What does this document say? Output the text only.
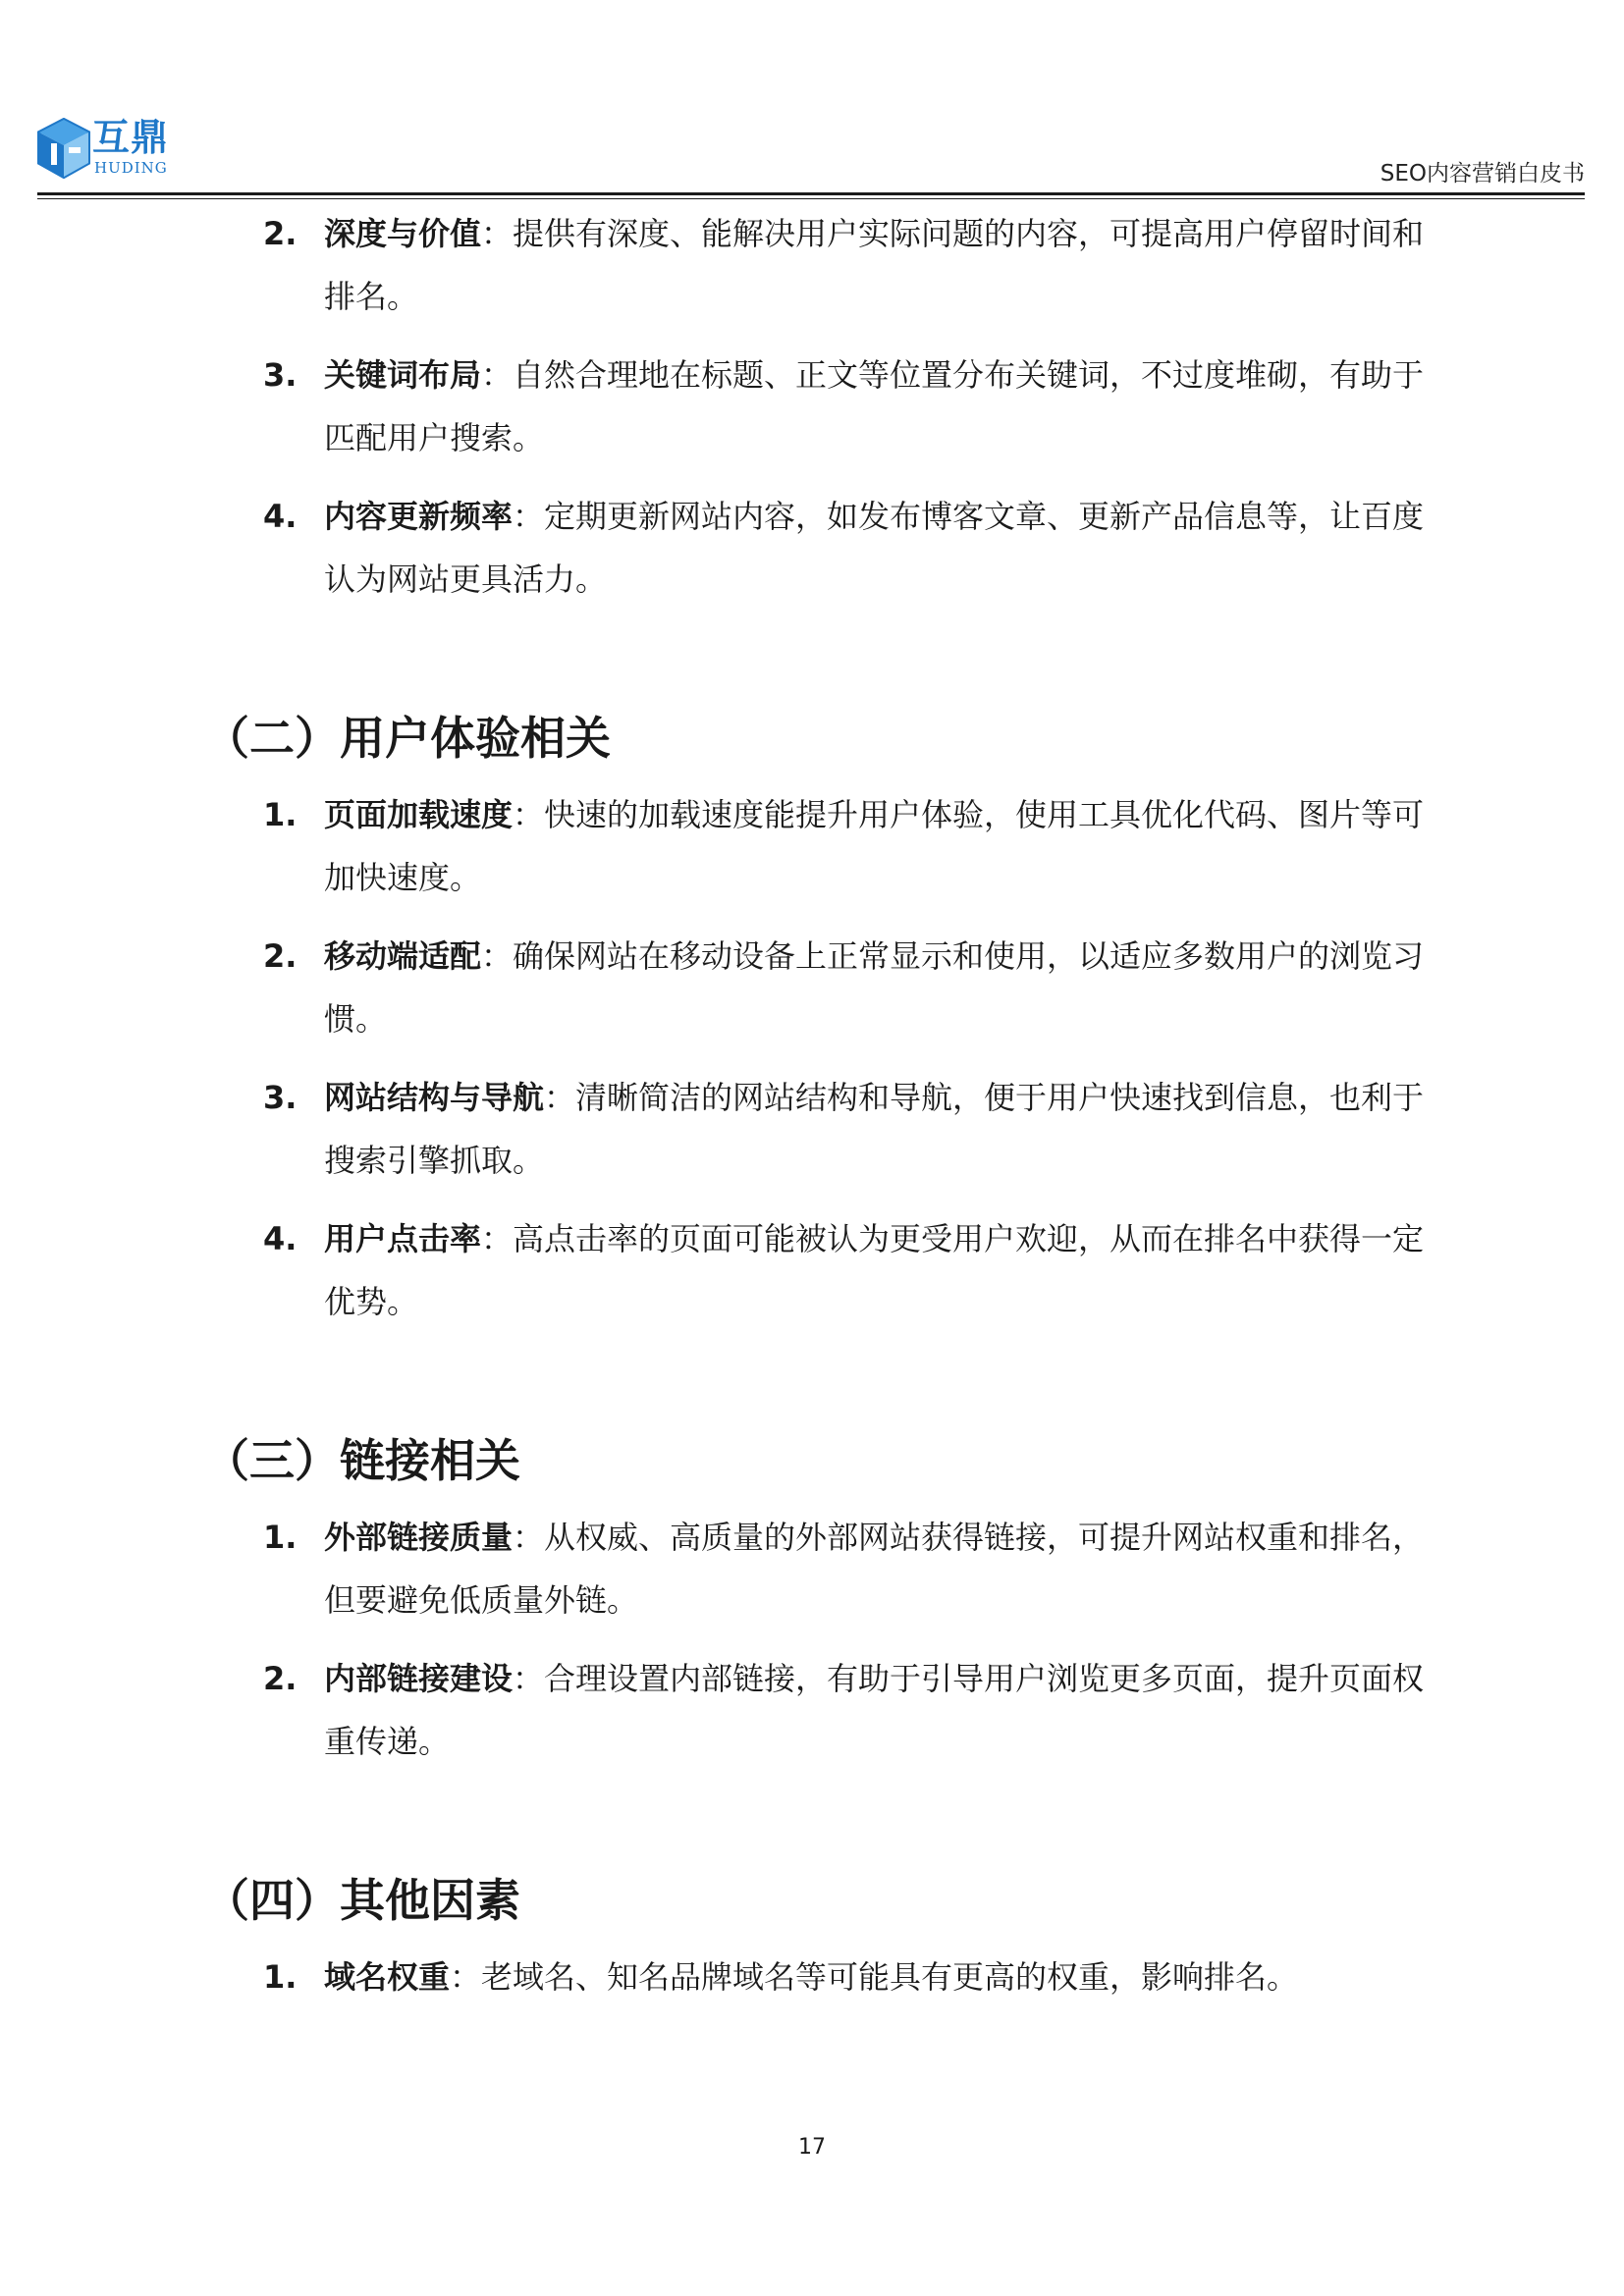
互鼎
HUDING	SEO内容营销白皮书
2. 深度与价值：提供有深度、能解决用户实际问题的内容，可提高用户停留时间和排名。
3. 关键词布局：自然合理地在标题、正文等位置分布关键词，不过度堆砌，有助于匹配用户搜索。
4. 内容更新频率：定期更新网站内容，如发布博客文章、更新产品信息等，让百度认为网站更具活力。
（二）用户体验相关
1. 页面加载速度：快速的加载速度能提升用户体验，使用工具优化代码、图片等可加快速度。
2. 移动端适配：确保网站在移动设备上正常显示和使用，以适应多数用户的浏览习惯。
3. 网站结构与导航：清晰简洁的网站结构和导航，便于用户快速找到信息，也利于搜索引擎抓取。
4. 用户点击率：高点击率的页面可能被认为更受用户欢迎，从而在排名中获得一定优势。
（三）链接相关
1. 外部链接质量：从权威、高质量的外部网站获得链接，可提升网站权重和排名，但要避免低质量外链。
2. 内部链接建设：合理设置内部链接，有助于引导用户浏览更多页面，提升页面权重传递。
（四）其他因素
1. 域名权重：老域名、知名品牌域名等可能具有更高的权重，影响排名。
17
